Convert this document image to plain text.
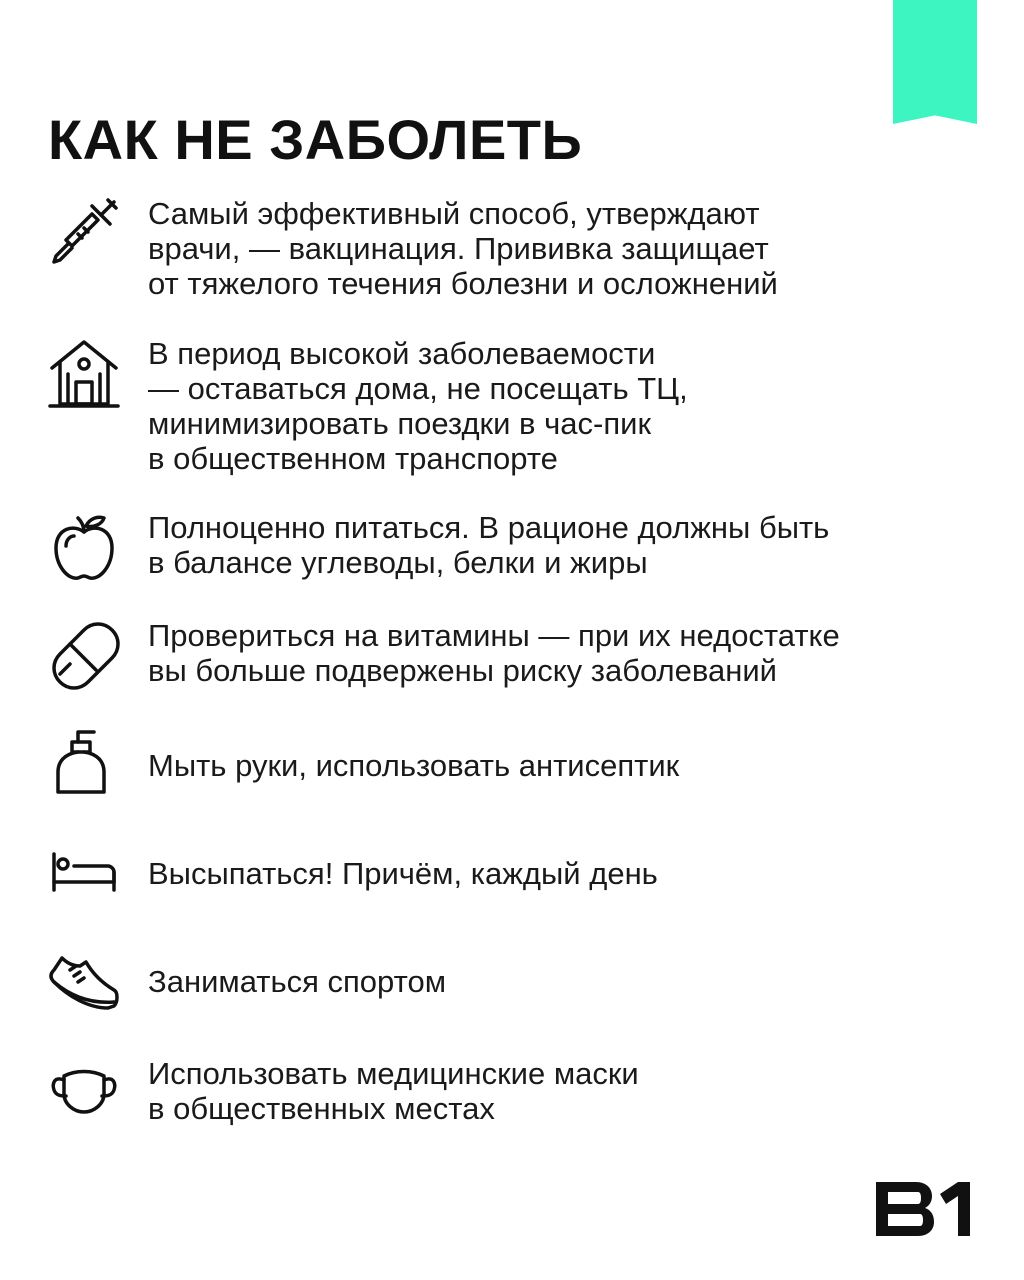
КАК НЕ ЗАБОЛЕТЬ
Самый эффективный способ, утверждают
врачи, — вакцинация. Прививка защищает
от тяжелого течения болезни и осложнений
В период высокой заболеваемости
— оставаться дома, не посещать ТЦ,
минимизировать поездки в час-пик
в общественном транспорте
Полноценно питаться. В рационе должны быть
в балансе углеводы, белки и жиры
Провериться на витамины — при их недостатке
вы больше подвержены риску заболеваний
Мыть руки, использовать антисептик
Высыпаться! Причём, каждый день
Заниматься спортом
Использовать медицинские маски
в общественных местах
